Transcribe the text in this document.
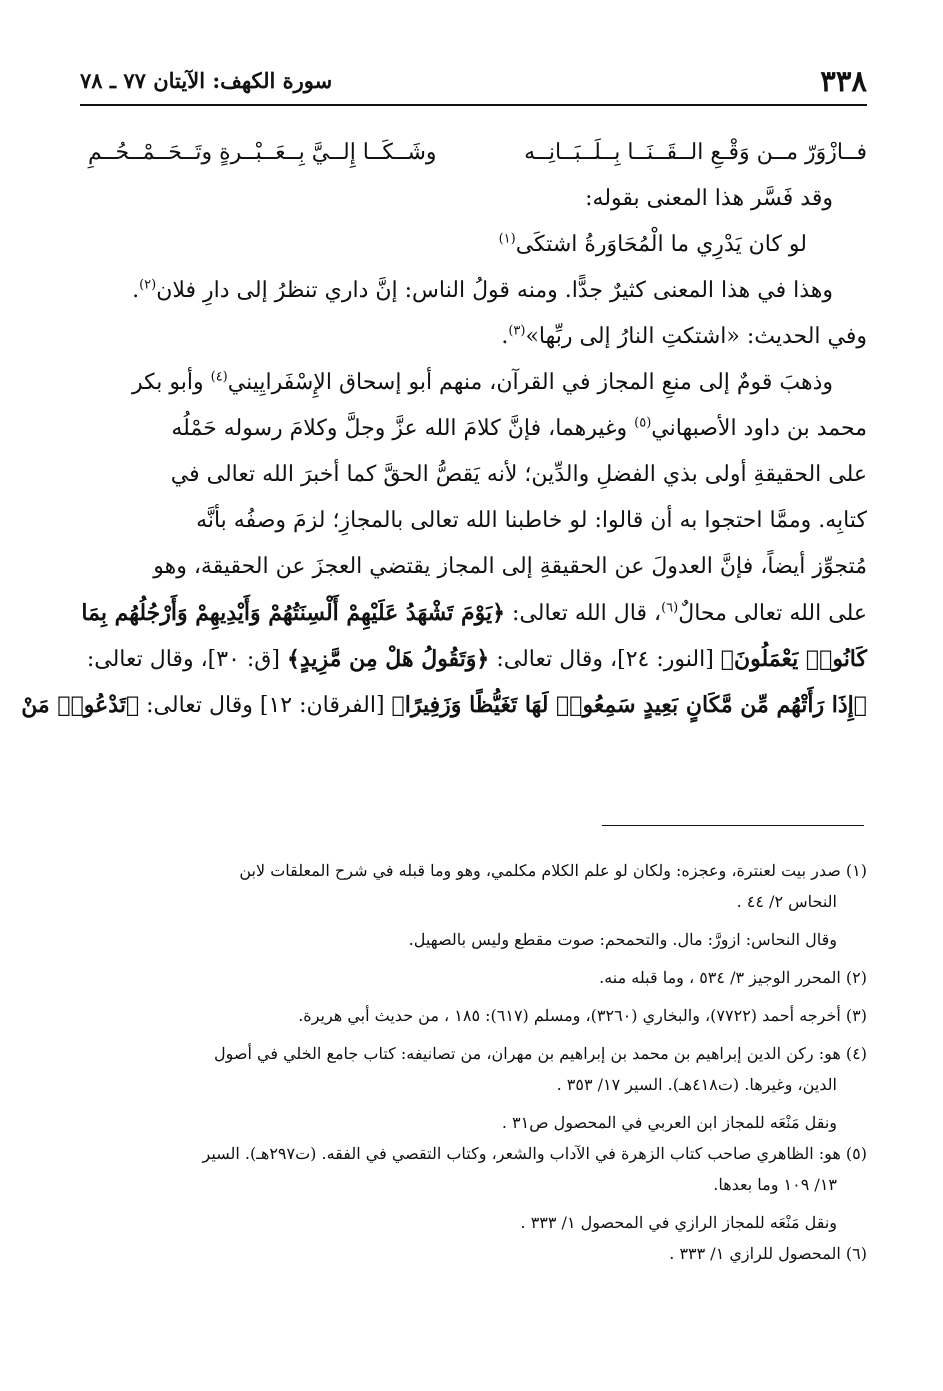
٣٣٨
سورة الكهف: الآيتان ٧٧ ـ ٧٨
فــازْوَرّ مــن وَقْـعِ الــقَــنَــا بِــلَــبَــانِــه
وشَــكَــا إِلــيَّ بِــعَــبْــرةٍ وتَــحَــمْــحُــمِ
وقد فَسَّر هذا المعنى بقوله:
لو كان يَدْرِي ما الْمُحَاوَرةُ اشتكَى$^{(١)}$
وهذا في هذا المعنى كثيرٌ جدًّا. ومنه قولُ الناس: إنَّ داري تنظرُ إلى دارِ فلان$^{(٢)}$.
وفي الحديث: «اشتكتِ النارُ إلى ربِّها»$^{(٣)}$.
وذهبَ قومٌ إلى منعِ المجاز في القرآن، منهم أبو إسحاق الإِسْفَرايِيني$^{(٤)}$ وأبو بكر
محمد بن داود الأصبهاني$^{(٥)}$ وغيرهما، فإنَّ كلامَ الله عزَّ وجلَّ وكلامَ رسوله حَمْلُه
على الحقيقةِ أولى بذي الفضلِ والدِّين؛ لأنه يَقصُّ الحقَّ كما أخبرَ الله تعالى في
كتابِه. وممَّا احتجوا به أن قالوا: لو خاطبنا الله تعالى بالمجازِ؛ لزمَ وصفُه بأنَّه
مُتجوِّز أيضاً، فإنَّ العدولَ عن الحقيقةِ إلى المجاز يقتضي العجزَ عن الحقيقة، وهو
على الله تعالى محالٌ$^{(٦)}$، قال الله تعالى: ﴿يَوْمَ تَشْهَدُ عَلَيْهِمْ أَلْسِنَتُهُمْ وَأَيْدِيهِمْ وَأَرْجُلُهُم بِمَا
كَانُوا۟ يَعْمَلُونَ﴾ [النور: ٢٤]، وقال تعالى: ﴿وَتَقُولُ هَلْ مِن مَّزِيدٍ﴾ [ق: ٣٠]، وقال تعالى:
﴿إِذَا رَأَتْهُم مِّن مَّكَانٍ بَعِيدٍ سَمِعُوا۟ لَهَا تَغَيُّظًا وَزَفِيرًا﴾ [الفرقان: ١٢] وقال تعالى: ﴿تَدْعُوا۟ مَنْ
(١) صدر بيت لعنترة، وعجزه: ولكان لو علم الكلام مكلمي، وهو وما قبله في شرح المعلقات لابن
النحاس ٢/ ٤٤ .
وقال النحاس: ازورَّ: مال. والتحمحم: صوت مقطع وليس بالصهيل.
(٢) المحرر الوجيز ٣/ ٥٣٤ ، وما قبله منه.
(٣) أخرجه أحمد (٧٧٢٢)، والبخاري (٣٢٦٠)، ومسلم (٦١٧): ١٨٥ ، من حديث أبي هريرة.
(٤) هو: ركن الدين إبراهيم بن محمد بن إبراهيم بن مهران، من تصانيفه: كتاب جامع الخلي في أصول
الدين، وغيرها. (ت٤١٨هـ). السير ١٧/ ٣٥٣ .
ونقل مَنْعَه للمجاز ابن العربي في المحصول ص٣١ .
(٥) هو: الظاهري صاحب كتاب الزهرة في الآداب والشعر، وكتاب التقصي في الفقه. (ت٢٩٧هـ). السير
١٣/ ١٠٩ وما بعدها.
ونقل مَنْعَه للمجاز الرازي في المحصول ١/ ٣٣٣ .
(٦) المحصول للرازي ١/ ٣٣٣ .
